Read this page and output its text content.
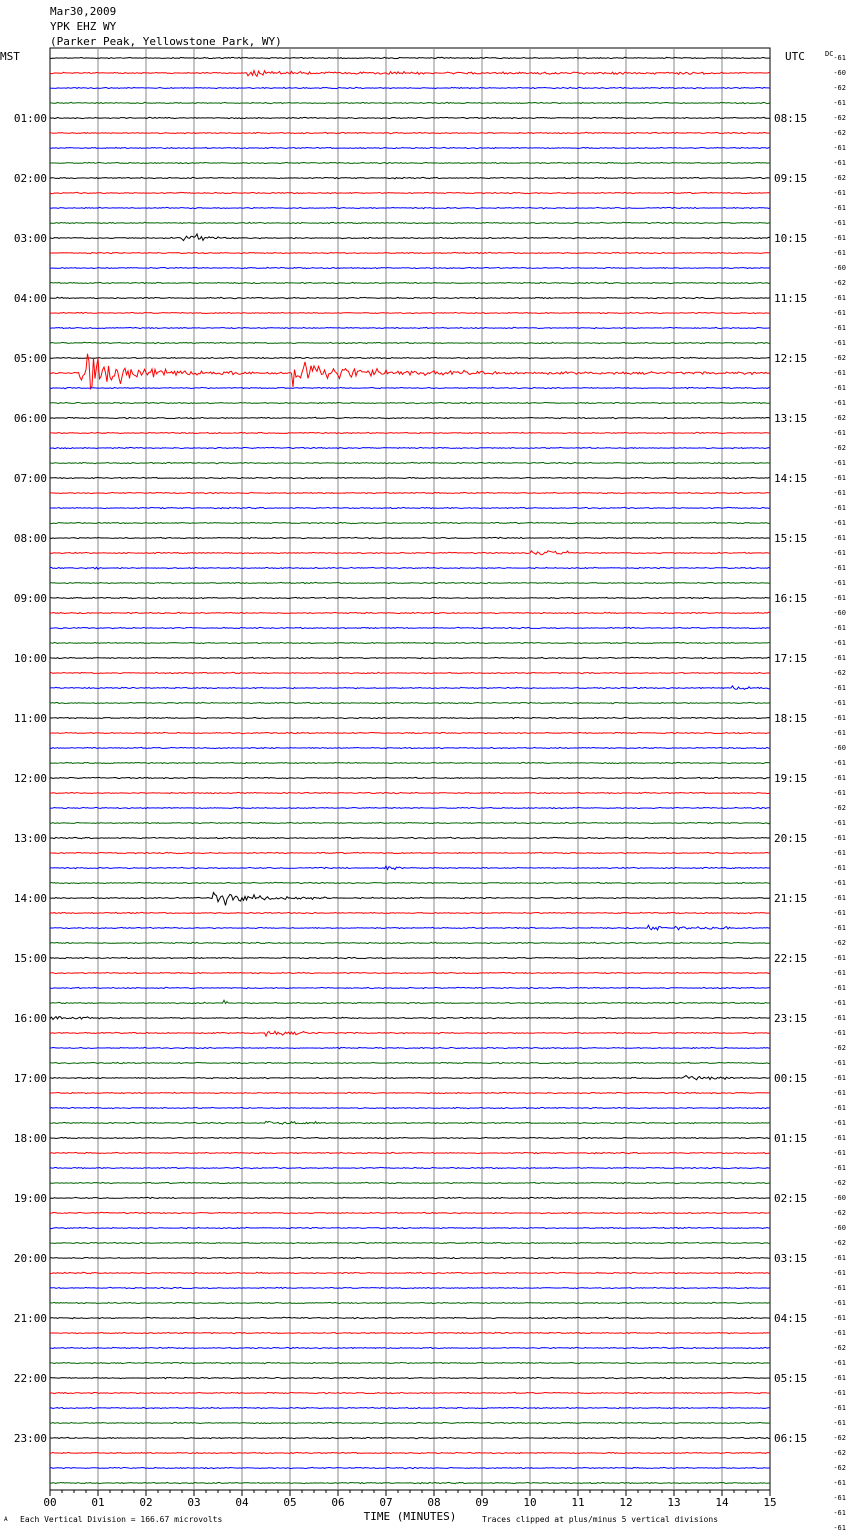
Mar30,2009
YPK EHZ WY
(Parker Peak, Yellowstone Park, WY)
MST	UTC
00	01	02	03	04	05	06	07	08	09	10	11	12	13	14	15
TIME (MINUTES)
01:00
02:00
03:00
04:00
05:00
06:00
07:00
08:00
09:00
10:00
11:00
12:00
13:00
14:00
15:00
16:00
17:00
18:00
19:00
20:00
21:00
22:00
23:00
08:15
09:15
10:15
11:15
12:15
13:15
14:15
15:15
16:15
17:15
18:15
19:15
20:15
21:15
22:15
23:15
00:15
01:15
02:15
03:15
04:15
05:15
06:15
DC -61
-60
-62
-61
-62
-62
-61
-61
-62
-61
-61
-61
-61
-61
-60
-62
-61
-61
-61
-61
-62
-61
-61
-61
-62
-61
-62
-61
-61
-61
-61
-61
-61
-61
-61
-61
-61
-60
-61
-61
-61
-62
-61
-61
-61
-61
-60
-61
-61
-61
-62
-61
-61
-61
-61
-61
-61
-61
-61
-62
-61
-61
-61
-61
-61
-61
-62
-61
-61
-61
-61
-61
-61
-61
-61
-62
-60
-62
-60
-62
-61
-61
-61
-61
-61
-61
-62
-61
-61
-61
-61
-61
-62
-62
-62
-61
-61
-61
-61
A Each Vertical Division = 166.67 microvolts	Traces clipped at plus/minus 5 vertical divisions
